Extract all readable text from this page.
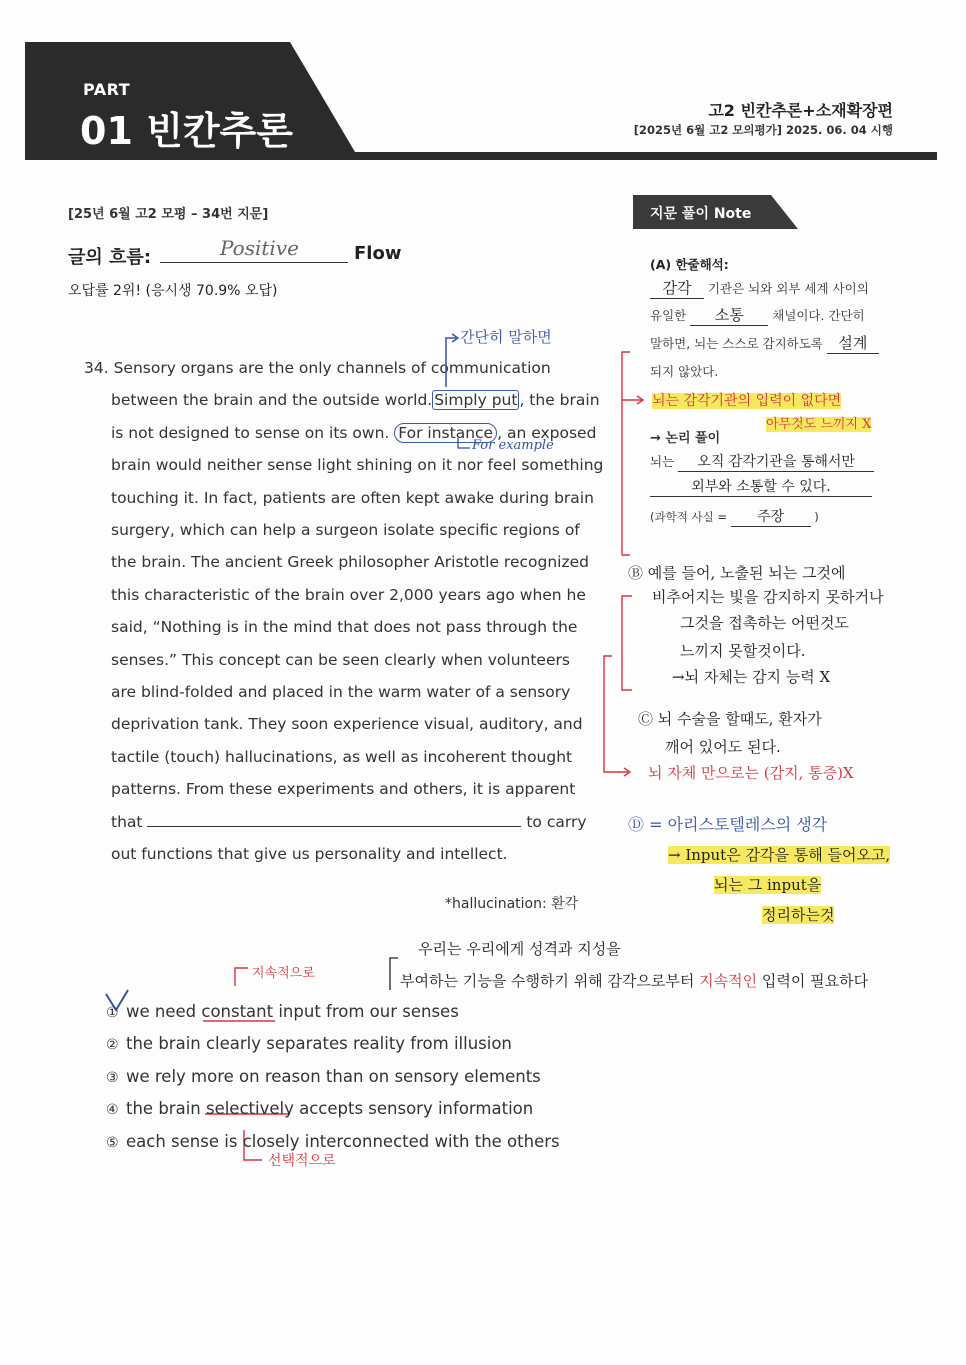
PART
01 빈칸추론	고2 빈칸추론+소재확장편
[2025년 6월 고2 모의평가] 2025. 06. 04 시행
[25년 6월 고2 모평 – 34번 지문]
글의 흐름:	Positive	Flow
오답률 2위! (응시생 70.9% 오답)

34. Sensory organs are the only channels of communication
between the brain and the outside world. Simply put , the brain
is not designed to sense on its own. For instance , an exposed
brain would neither sense light shining on it nor feel something
touching it. In fact, patients are often kept awake during brain
surgery, which can help a surgeon isolate specific regions of
the brain. The ancient Greek philosopher Aristotle recognized
this characteristic of the brain over 2,000 years ago when he
said, “Nothing is in the mind that does not pass through the
senses.” This concept can be seen clearly when volunteers
are blind-folded and placed in the warm water of a sensory
deprivation tank. They soon experience visual, auditory, and
tactile (touch) hallucinations, as well as incoherent thought
patterns. From these experiments and others, it is apparent
that	to carry
out functions that give us personality and intellect.

*hallucination: 환각
간단히 말하면
For example
① we need constant input from our senses
② the brain clearly separates reality from illusion
③ we rely more on reason than on sensory elements
④ the brain selectively accepts sensory information
⑤ each sense is closely interconnected with the others
지속적으로
선택적으로
우리는 우리에게 성격과 지성을
부여하는 기능을 수행하기 위해 감각으로부터 지속적인 입력이 필요하다
지문 풀이 Note
(A) 한줄해석:
감각 기관은 뇌와 외부 세계 사이의
유일한 소통 채널이다. 간단히
말하면, 뇌는 스스로 감지하도록 설계
되지 않았다.
뇌는 감각기관의 입력이 없다면
아무것도 느끼지 X
→ 논리 풀이
뇌는 오직 감각기관을 통해서만
외부와 소통할 수 있다.
(과학적 사실 = 주장	)
Ⓑ 예를 들어, 노출된 뇌는 그것에
비추어지는 빛을 감지하지 못하거나
그것을 접촉하는 어떤것도
느끼지 못할것이다.
→뇌 자체는 감지 능력 X
Ⓒ 뇌 수술을 할때도, 환자가
깨어 있어도 된다.
뇌 자체 만으로는 (감지, 통증)X
Ⓓ = 아리스토텔레스의 생각
→ Input은 감각을 통해 들어오고,
뇌는 그 input을
정리하는것
